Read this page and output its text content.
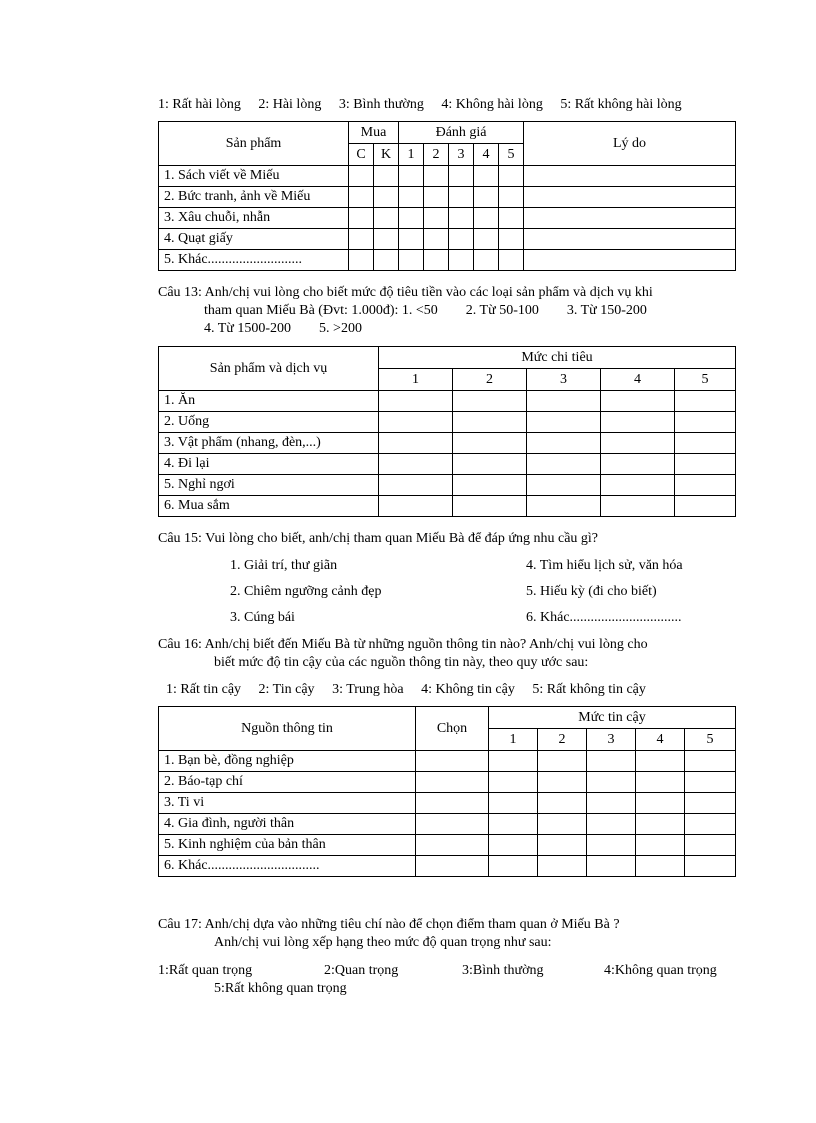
1: Rất hài lòng 2: Hài lòng 3: Bình thường 4: Không hài lòng 5: Rất không hài lòng
Sản phẩm	Mua		Đánh giá					Lý do
	C	K	1	2	3	4	5	
1. Sách viết về Miếu								
2. Bức tranh, ảnh về Miếu								
3. Xâu chuỗi, nhẫn								
4. Quạt giấy								
5. Khác...........................								
Câu 13: Anh/chị vui lòng cho biết mức độ tiêu tiền vào các loại sản phẩm và dịch vụ khi
tham quan Miếu Bà (Đvt: 1.000đ): 1. <50        2. Từ 50-100        3. Từ 150-200
4. Từ 1500-200        5. >200
Sản phẩm và dịch vụ	Mức chi tiêu				
	1	2	3	4	5
1. Ăn					
2. Uống					
3. Vật phẩm (nhang, đèn,...)					
4. Đi lại					
5. Nghỉ ngơi					
6. Mua sắm					
Câu 15: Vui lòng cho biết, anh/chị tham quan Miếu Bà để đáp ứng nhu cầu gì?
1. Giải trí, thư giãn
2. Chiêm ngưỡng cảnh đẹp
3. Cúng bái
4. Tìm hiểu lịch sử, văn hóa
5. Hiếu kỳ (đi cho biết)
6. Khác................................
Câu 16: Anh/chị biết đến Miếu Bà từ những nguồn thông tin nào? Anh/chị vui lòng cho
biết mức độ tin cậy của các nguồn thông tin này, theo quy ước sau:
1: Rất tin cậy 2: Tin cậy 3: Trung hòa 4: Không tin cậy 5: Rất không tin cậy
Nguồn thông tin	Chọn	Mức tin cậy				
		1	2	3	4	5
1. Bạn bè, đồng nghiệp						
2. Báo-tạp chí						
3. Ti vi						
4. Gia đình, người thân						
5. Kinh nghiệm của bản thân						
6. Khác................................						
Câu 17: Anh/chị dựa vào những tiêu chí nào để chọn điểm tham quan ở Miếu Bà ?
Anh/chị vui lòng xếp hạng theo mức độ quan trọng như sau:
1:Rất quan trọng	2:Quan trọng	3:Bình thường	4:Không quan trọng
5:Rất không quan trọng
